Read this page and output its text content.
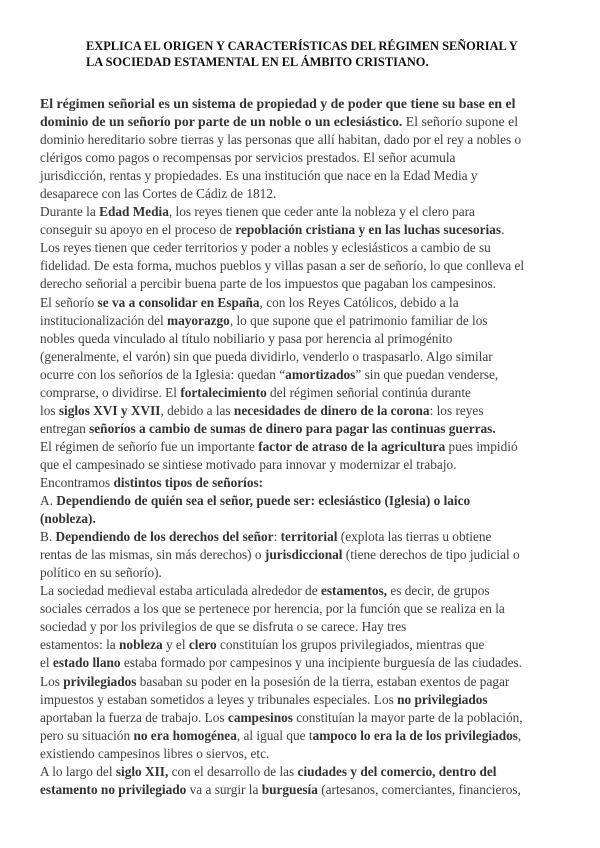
EXPLICA EL ORIGEN Y CARACTERÍSTICAS DEL RÉGIMEN SEÑORIAL Y
LA SOCIEDAD ESTAMENTAL EN EL ÁMBITO CRISTIANO.
El régimen señorial es un sistema de propiedad y de poder que tiene su base en el
dominio de un señorío por parte de un noble o un eclesiástico. El señorío supone el
dominio hereditario sobre tierras y las personas que allí habitan, dado por el rey a nobles o
clérigos como pagos o recompensas por servicios prestados. El señor acumula
jurisdicción, rentas y propiedades. Es una institución que nace en la Edad Media y
desaparece con las Cortes de Cádiz de 1812.
Durante la Edad Media, los reyes tienen que ceder ante la nobleza y el clero para
conseguir su apoyo en el proceso de repoblación cristiana y en las luchas sucesorias.
Los reyes tienen que ceder territorios y poder a nobles y eclesiásticos a cambio de su
fidelidad. De esta forma, muchos pueblos y villas pasan a ser de señorío, lo que conlleva el
derecho señorial a percibir buena parte de los impuestos que pagaban los campesinos.
El señorío se va a consolidar en España, con los Reyes Católicos, debido a la
institucionalización del mayorazgo, lo que supone que el patrimonio familiar de los
nobles queda vinculado al título nobiliario y pasa por herencia al primogénito
(generalmente, el varón) sin que pueda dividirlo, venderlo o traspasarlo. Algo similar
ocurre con los señoríos de la Iglesia: quedan “amortizados” sin que puedan venderse,
comprarse, o dividirse. El fortalecimiento del régimen señorial continúa durante
los siglos XVI y XVII, debido a las necesidades de dinero de la corona: los reyes
entregan señoríos a cambio de sumas de dinero para pagar las continuas guerras.
El régimen de señorío fue un importante factor de atraso de la agricultura pues impidió
que el campesinado se sintiese motivado para innovar y modernizar el trabajo.
Encontramos distintos tipos de señoríos:
A. Dependiendo de quién sea el señor, puede ser: eclesiástico (Iglesia) o laico
(nobleza).
B. Dependiendo de los derechos del señor: territorial (explota las tierras u obtiene
rentas de las mismas, sin más derechos) o jurisdiccional (tiene derechos de tipo judicial o
político en su señorío).
La sociedad medieval estaba articulada alrededor de estamentos, es decir, de grupos
sociales cerrados a los que se pertenece por herencia, por la función que se realiza en la
sociedad y por los privilegios de que se disfruta o se carece. Hay tres
estamentos: la nobleza y el clero constituían los grupos privilegiados, mientras que
el estado llano estaba formado por campesinos y una incipiente burguesía de las ciudades.
Los privilegiados basaban su poder en la posesión de la tierra, estaban exentos de pagar
impuestos y estaban sometidos a leyes y tribunales especiales. Los no privilegiados
aportaban la fuerza de trabajo. Los campesinos constituían la mayor parte de la población,
pero su situación no era homogénea, al igual que tampoco lo era la de los privilegiados,
existiendo campesinos libres o siervos, etc.
A lo largo del siglo XII, con el desarrollo de las ciudades y del comercio, dentro del
estamento no privilegiado va a surgir la burguesía (artesanos, comerciantes, financieros,
